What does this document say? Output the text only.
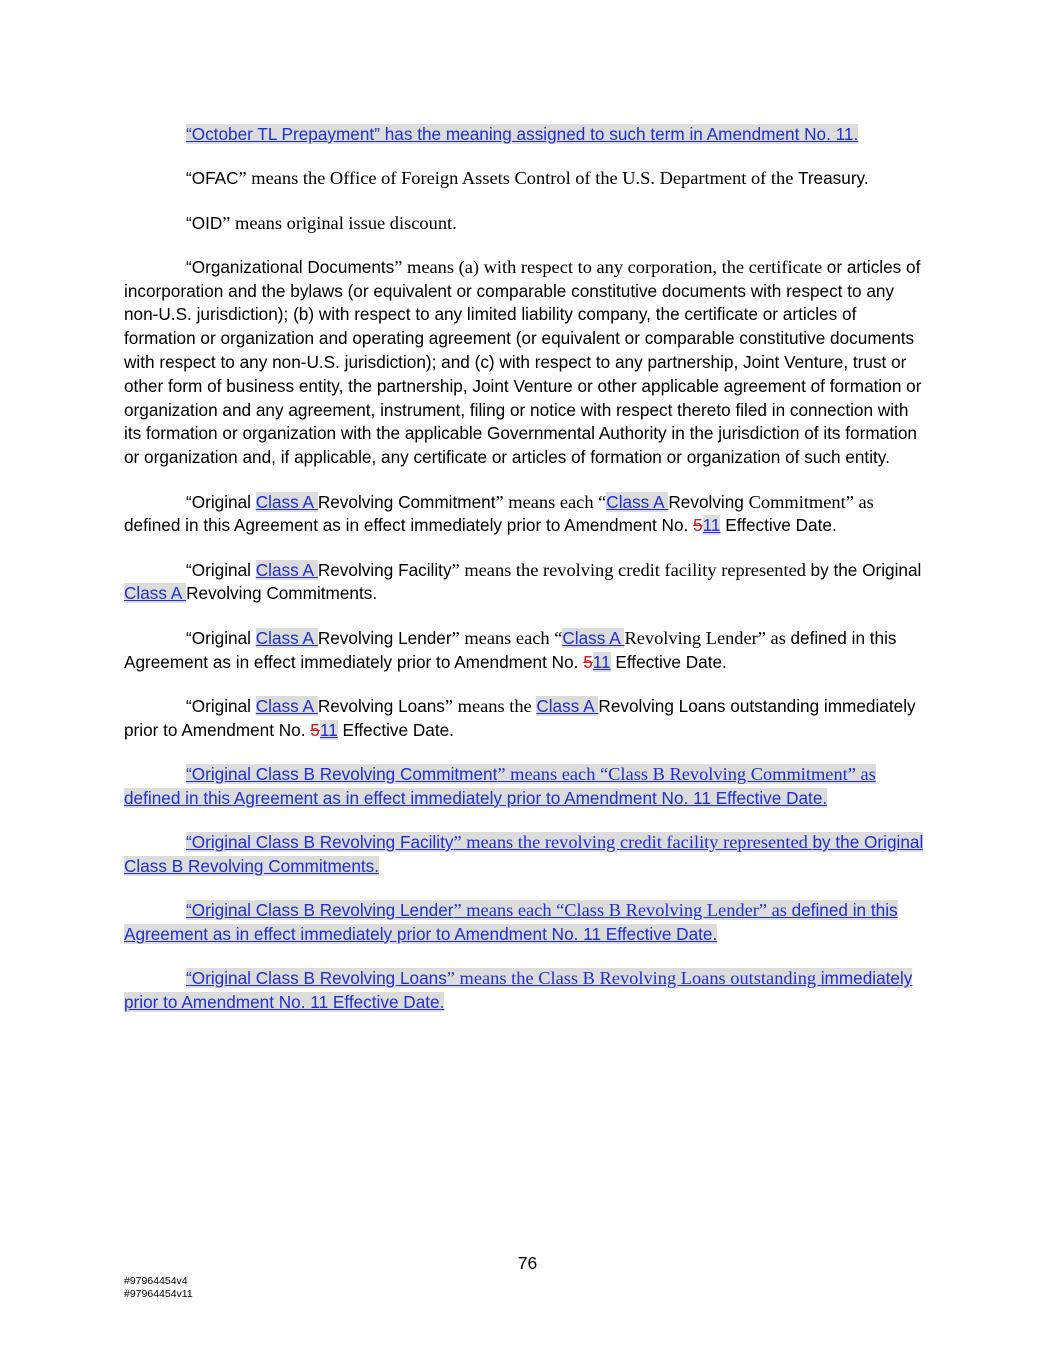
“October TL Prepayment” has the meaning assigned to such term in Amendment No. 11.

“OFAC” means the Office of Foreign Assets Control of the U.S. Department of the Treasury.

“OID” means original issue discount.

“Organizational Documents” means (a) with respect to any corporation, the certificate or articles of incorporation and the bylaws (or equivalent or comparable constitutive documents with respect to any non-U.S. jurisdiction); (b) with respect to any limited liability company, the certificate or articles of formation or organization and operating agreement (or equivalent or comparable constitutive documents with respect to any non-U.S. jurisdiction); and (c) with respect to any partnership, Joint Venture, trust or other form of business entity, the partnership, Joint Venture or other applicable agreement of formation or organization and any agreement, instrument, filing or notice with respect thereto filed in connection with its formation or organization with the applicable Governmental Authority in the jurisdiction of its formation or organization and, if applicable, any certificate or articles of formation or organization of such entity.

“Original Class A Revolving Commitment” means each “Class A Revolving Commitment” as defined in this Agreement as in effect immediately prior to Amendment No. 511 Effective Date.

“Original Class A Revolving Facility” means the revolving credit facility represented by the Original Class A Revolving Commitments.

“Original Class A Revolving Lender” means each “Class A Revolving Lender” as defined in this Agreement as in effect immediately prior to Amendment No. 511 Effective Date.

“Original Class A Revolving Loans” means the Class A Revolving Loans outstanding immediately prior to Amendment No. 511 Effective Date.

“Original Class B Revolving Commitment” means each “Class B Revolving Commitment” as defined in this Agreement as in effect immediately prior to Amendment No. 11 Effective Date.

“Original Class B Revolving Facility” means the revolving credit facility represented by the Original Class B Revolving Commitments.

“Original Class B Revolving Lender” means each “Class B Revolving Lender” as defined in this Agreement as in effect immediately prior to Amendment No. 11 Effective Date.

“Original Class B Revolving Loans” means the Class B Revolving Loans outstanding immediately prior to Amendment No. 11 Effective Date.

76
#97964454v4
#97964454v11
